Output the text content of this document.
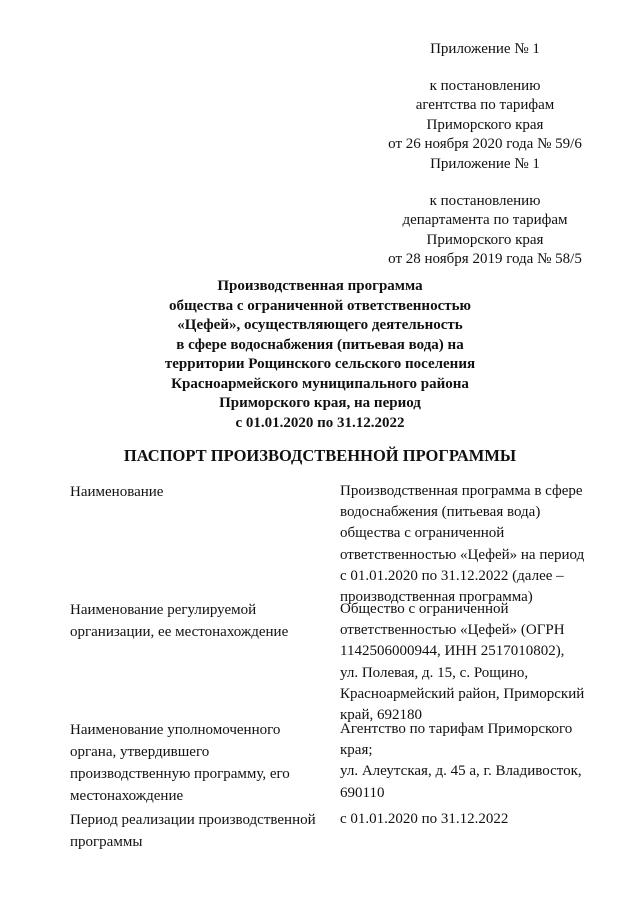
Приложение № 1
к постановлению
агентства по тарифам
Приморского края
от 26 ноября 2020 года № 59/6
Приложение № 1
к постановлению
департамента по тарифам
Приморского края
от 28 ноября 2019 года № 58/5
Производственная программа
общества с ограниченной ответственностью
«Цефей», осуществляющего деятельность
в сфере водоснабжения (питьевая вода) на
территории Рощинского сельского поселения
Красноармейского муниципального района
Приморского края, на период
с 01.01.2020 по 31.12.2022
ПАСПОРТ ПРОИЗВОДСТВЕННОЙ ПРОГРАММЫ
Наименование	Производственная программа в сфере
водоснабжения (питьевая вода)
общества с ограниченной
ответственностью «Цефей» на период
с 01.01.2020 по 31.12.2022 (далее –
производственная программа)
Наименование регулируемой
организации, ее местонахождение
Общество с ограниченной
ответственностью «Цефей» (ОГРН
1142506000944, ИНН 2517010802),
ул. Полевая, д. 15, с. Рощино,
Красноармейский район, Приморский
край, 692180
Наименование уполномоченного
органа, утвердившего
производственную программу, его
местонахождение
Агентство по тарифам Приморского
края;
ул. Алеутская, д. 45 а, г. Владивосток,
690110
Период реализации производственной
программы
с 01.01.2020 по 31.12.2022
